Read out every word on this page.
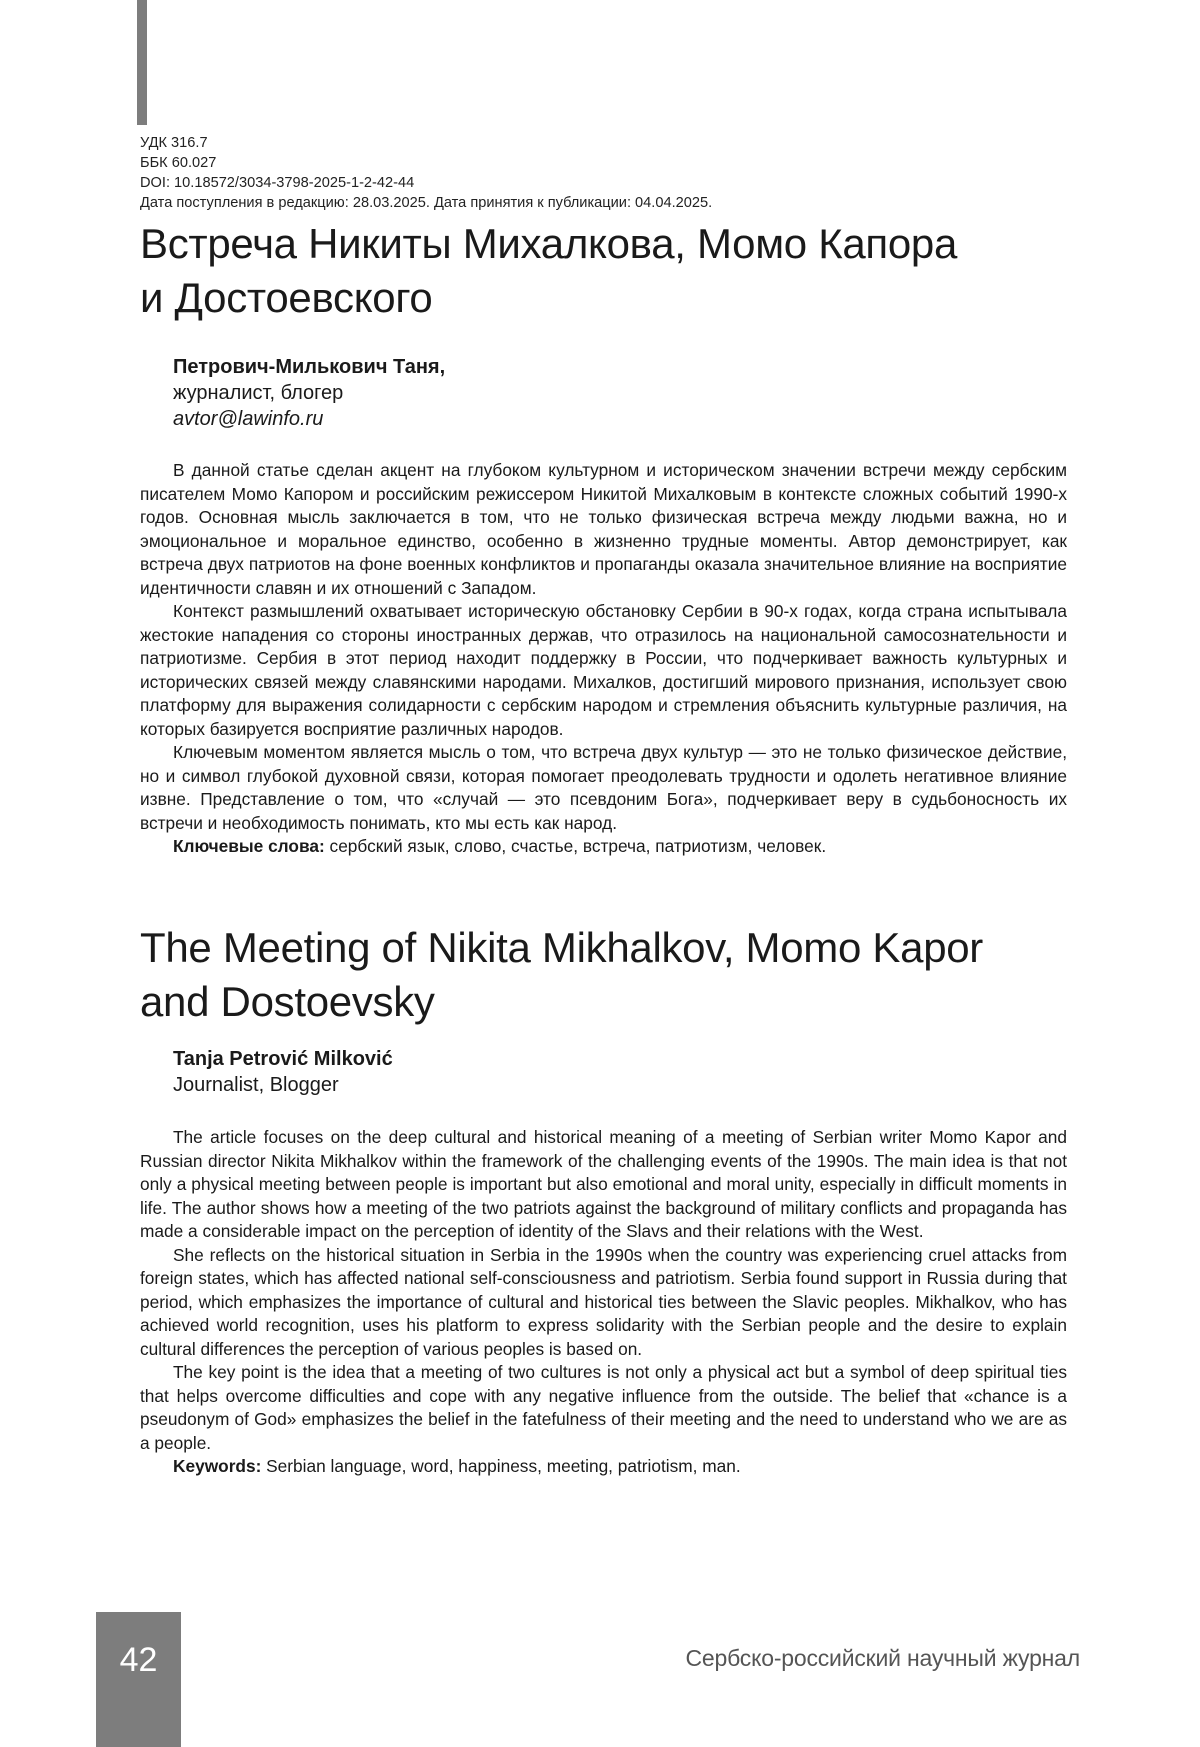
УДК 316.7
ББК 60.027
DOI: 10.18572/3034-3798-2025-1-2-42-44
Дата поступления в редакцию: 28.03.2025. Дата принятия к публикации: 04.04.2025.
Встреча Никиты Михалкова, Момо Капора
и Достоевского
Петрович-Милькович Таня,
журналист, блогер
avtor@lawinfo.ru

В данной статье сделан акцент на глубоком культурном и историческом значении встречи между сербским писателем Момо Капором и российским режиссером Никитой Михалковым в контексте сложных событий 1990-х годов. Основная мысль заключается в том, что не только физическая встреча между людьми важна, но и эмоциональное и моральное единство, особенно в жизненно трудные моменты. Автор демонстрирует, как встреча двух патриотов на фоне военных конфликтов и пропаганды оказала значительное влияние на восприятие идентичности славян и их отношений с Западом.

Контекст размышлений охватывает историческую обстановку Сербии в 90-х годах, когда страна испытывала жестокие нападения со стороны иностранных держав, что отразилось на национальной самосознательности и патриотизме. Сербия в этот период находит поддержку в России, что подчеркивает важность культурных и исторических связей между славянскими народами. Михалков, достигший мирового признания, использует свою платформу для выражения солидарности с сербским народом и стремления объяснить культурные различия, на которых базируется восприятие различных народов.

Ключевым моментом является мысль о том, что встреча двух культур — это не только физическое действие, но и символ глубокой духовной связи, которая помогает преодолевать трудности и одолеть негативное влияние извне. Представление о том, что «случай — это псевдоним Бога», подчеркивает веру в судьбоносность их встречи и необходимость понимать, кто мы есть как народ.

Ключевые слова: сербский язык, слово, счастье, встреча, патриотизм, человек.

The Meeting of Nikita Mikhalkov, Momo Kapor
and Dostoevsky
Tanja Petrović Milković
Journalist, Blogger

The article focuses on the deep cultural and historical meaning of a meeting of Serbian writer Momo Kapor and Russian director Nikita Mikhalkov within the framework of the challenging events of the 1990s. The main idea is that not only a physical meeting between people is important but also emotional and moral unity, especially in difficult moments in life. The author shows how a meeting of the two patriots against the background of military conflicts and propaganda has made a considerable impact on the perception of identity of the Slavs and their relations with the West.

She reflects on the historical situation in Serbia in the 1990s when the country was experiencing cruel attacks from foreign states, which has affected national self-consciousness and patriotism. Serbia found support in Russia during that period, which emphasizes the importance of cultural and historical ties between the Slavic peoples. Mikhalkov, who has achieved world recognition, uses his platform to express solidarity with the Serbian people and the desire to explain cultural differences the perception of various peoples is based on.

The key point is the idea that a meeting of two cultures is not only a physical act but a symbol of deep spiritual ties that helps overcome difficulties and cope with any negative influence from the outside. The belief that «chance is a pseudonym of God» emphasizes the belief in the fatefulness of their meeting and the need to understand who we are as a people.

Keywords: Serbian language, word, happiness, meeting, patriotism, man.

42	Сербско-российский научный журнал
